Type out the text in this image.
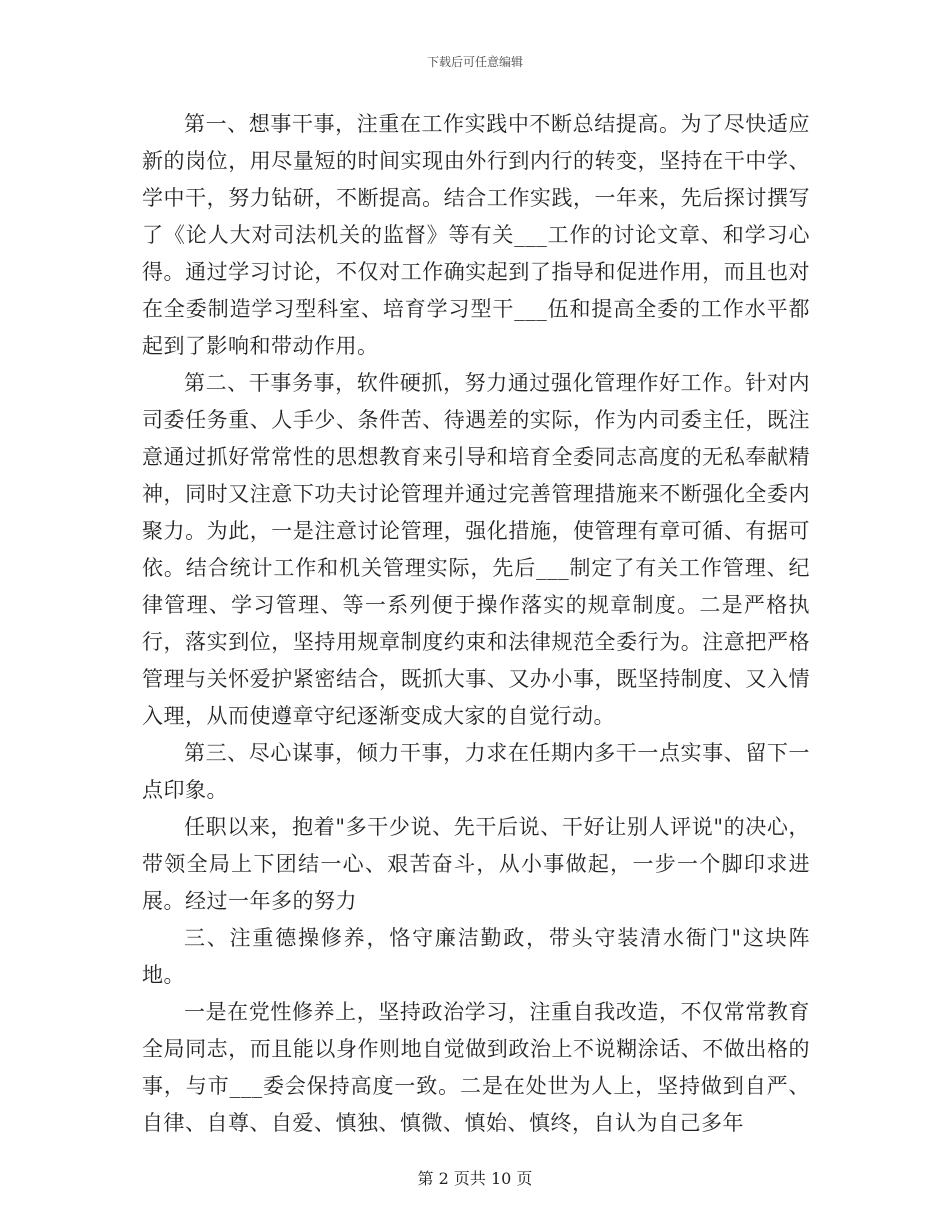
下载后可任意编辑

第一、想事干事，注重在工作实践中不断总结提高。为了尽快适应新的岗位，用尽量短的时间实现由外行到内行的转变，坚持在干中学、学中干，努力钻研，不断提高。结合工作实践，一年来，先后探讨撰写了《论人大对司法机关的监督》等有关___工作的讨论文章、和学习心得。通过学习讨论，不仅对工作确实起到了指导和促进作用，而且也对在全委制造学习型科室、培育学习型干___伍和提高全委的工作水平都起到了影响和带动作用。

第二、干事务事，软件硬抓，努力通过强化管理作好工作。针对内司委任务重、人手少、条件苦、待遇差的实际，作为内司委主任，既注意通过抓好常常性的思想教育来引导和培育全委同志高度的无私奉献精神，同时又注意下功夫讨论管理并通过完善管理措施来不断强化全委内聚力。为此，一是注意讨论管理，强化措施，使管理有章可循、有据可依。结合统计工作和机关管理实际，先后___制定了有关工作管理、纪律管理、学习管理、等一系列便于操作落实的规章制度。二是严格执行，落实到位，坚持用规章制度约束和法律规范全委行为。注意把严格管理与关怀爱护紧密结合，既抓大事、又办小事，既坚持制度、又入情入理，从而使遵章守纪逐渐变成大家的自觉行动。

第三、尽心谋事，倾力干事，力求在任期内多干一点实事、留下一点印象。

任职以来，抱着"多干少说、先干后说、干好让别人评说"的决心，带领全局上下团结一心、艰苦奋斗，从小事做起，一步一个脚印求进展。经过一年多的努力

三、注重德操修养，恪守廉洁勤政，带头守装清水衙门"这块阵地。

一是在党性修养上，坚持政治学习，注重自我改造，不仅常常教育全局同志，而且能以身作则地自觉做到政治上不说糊涂话、不做出格的事，与市___委会保持高度一致。二是在处世为人上，坚持做到自严、自律、自尊、自爱、慎独、慎微、慎始、慎终，自认为自己多年

第 2 页共 10 页
